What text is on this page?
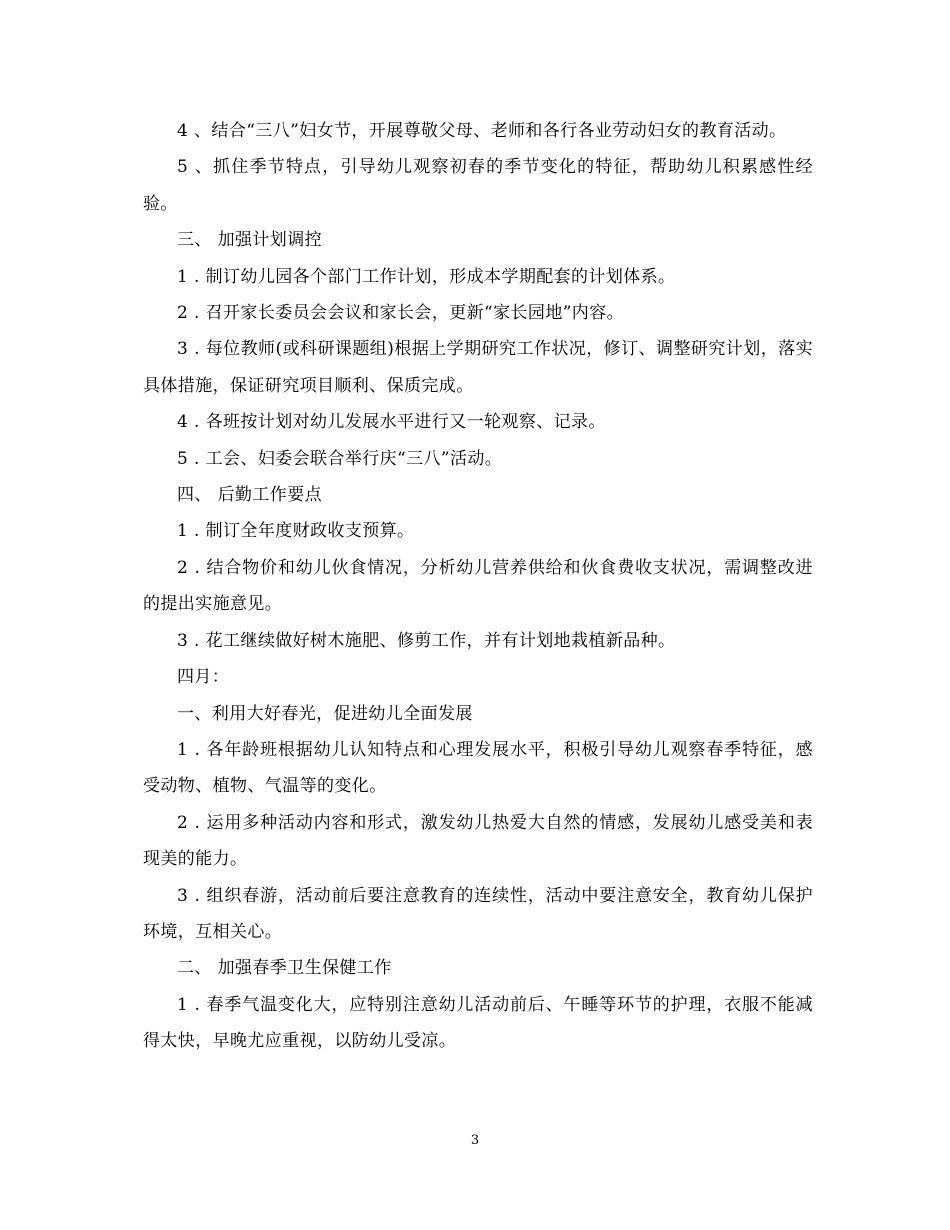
4 、结合“三八”妇女节，开展尊敬父母、老师和各行各业劳动妇女的教育活动。

5 、抓住季节特点，引导幼儿观察初春的季节变化的特征，帮助幼儿积累感性经验。

三、 加强计划调控

1 . 制订幼儿园各个部门工作计划，形成本学期配套的计划体系。

2 . 召开家长委员会会议和家长会，更新“家长园地”内容。

3 . 每位教师(或科研课题组)根据上学期研究工作状况，修订、调整研究计划，落实具体措施，保证研究项目顺利、保质完成。

4 . 各班按计划对幼儿发展水平进行又一轮观察、记录。

5 . 工会、妇委会联合举行庆“三八”活动。

四、 后勤工作要点

1 . 制订全年度财政收支预算。

2 . 结合物价和幼儿伙食情况，分析幼儿营养供给和伙食费收支状况，需调整改进的提出实施意见。

3 . 花工继续做好树木施肥、修剪工作，并有计划地栽植新品种。

四月：

一、利用大好春光，促进幼儿全面发展

1 . 各年龄班根据幼儿认知特点和心理发展水平，积极引导幼儿观察春季特征，感受动物、植物、气温等的变化。

2 . 运用多种活动内容和形式，激发幼儿热爱大自然的情感，发展幼儿感受美和表现美的能力。

3 . 组织春游，活动前后要注意教育的连续性，活动中要注意安全，教育幼儿保护环境，互相关心。

二、 加强春季卫生保健工作

1 . 春季气温变化大，应特别注意幼儿活动前后、午睡等环节的护理，衣服不能减得太快，早晚尤应重视，以防幼儿受凉。

3
